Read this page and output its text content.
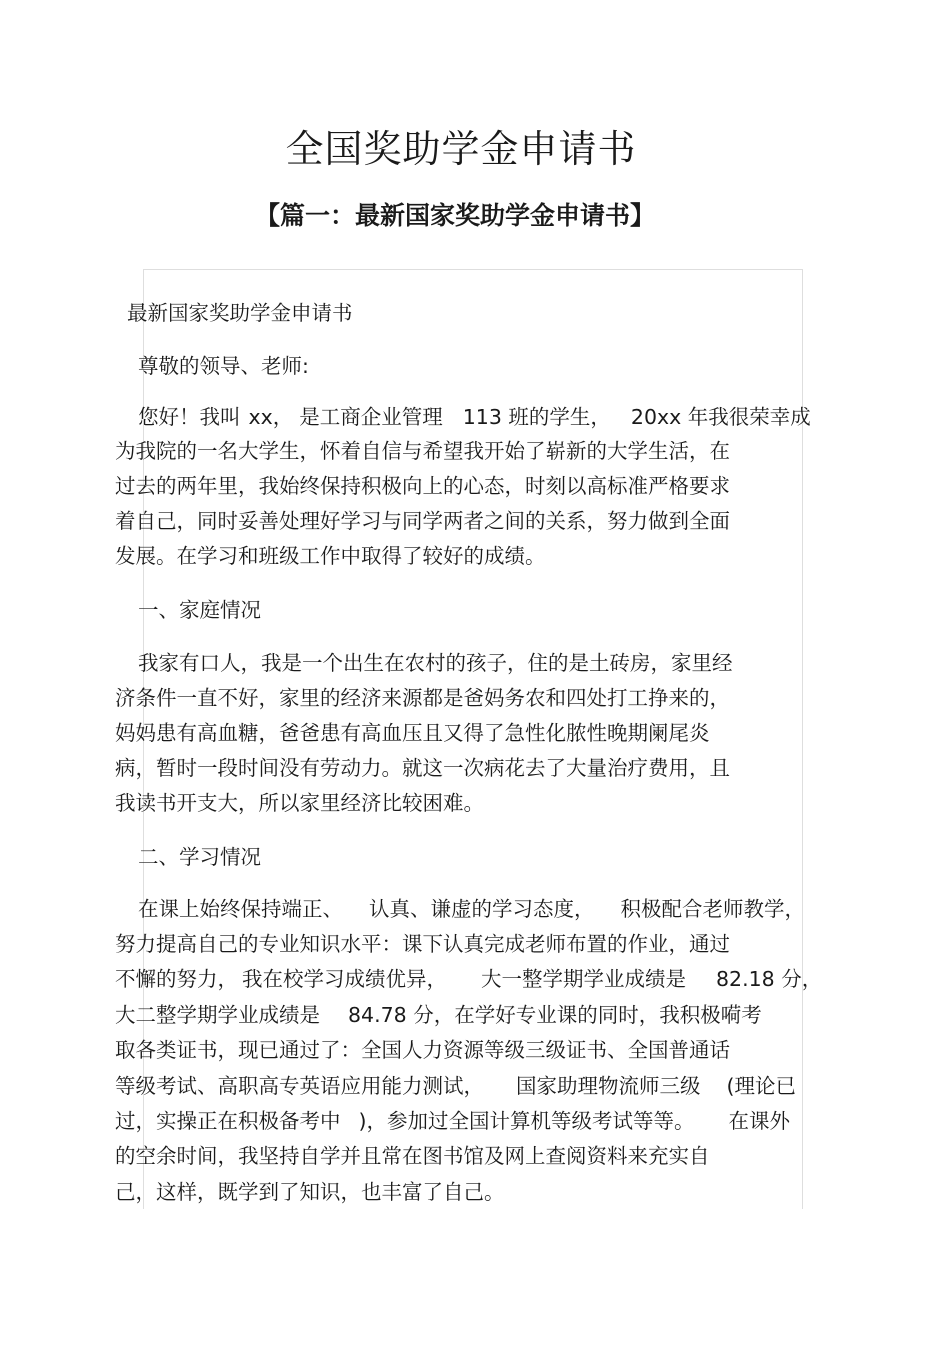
全国奖助学金申请书
【篇一：最新国家奖助学金申请书】

最新国家奖助学金申请书

尊敬的领导、老师:

您好！我叫 xx， 是工商企业管理 113 班的学生， 20xx 年我很荣幸成

为我院的一名大学生，怀着自信与希望我开始了崭新的大学生活，在

过去的两年里，我始终保持积极向上的心态，时刻以高标准严格要求

着自己，同时妥善处理好学习与同学两者之间的关系，努力做到全面

发展。在学习和班级工作中取得了较好的成绩。

一、家庭情况

我家有口人，我是一个出生在农村的孩子，住的是土砖房，家里经

济条件一直不好，家里的经济来源都是爸妈务农和四处打工挣来的，

妈妈患有高血糖，爸爸患有高血压且又得了急性化脓性晚期阑尾炎

病，暂时一段时间没有劳动力。就这一次病花去了大量治疗费用，且

我读书开支大，所以家里经济比较困难。

二、学习情况

在课上始终保持端正、 认真、谦虚的学习态度， 积极配合老师教学，

努力提高自己的专业知识水平：课下认真完成老师布置的作业，通过

不懈的努力， 我在校学习成绩优异， 大一整学期学业成绩是 82.18 分，

大二整学期学业成绩是 84.78 分，在学好专业课的同时，我积极嗬考

取各类证书，现已通过了：全国人力资源等级三级证书、全国普通话

等级考试、高职高专英语应用能力测试， 国家助理物流师三级 (理论已

过，实操正在积极备考中 )，参加过全国计算机等级考试等等。 在课外

的空余时间，我坚持自学并且常在图书馆及网上查阅资料来充实自

己，这样，既学到了知识，也丰富了自己。
